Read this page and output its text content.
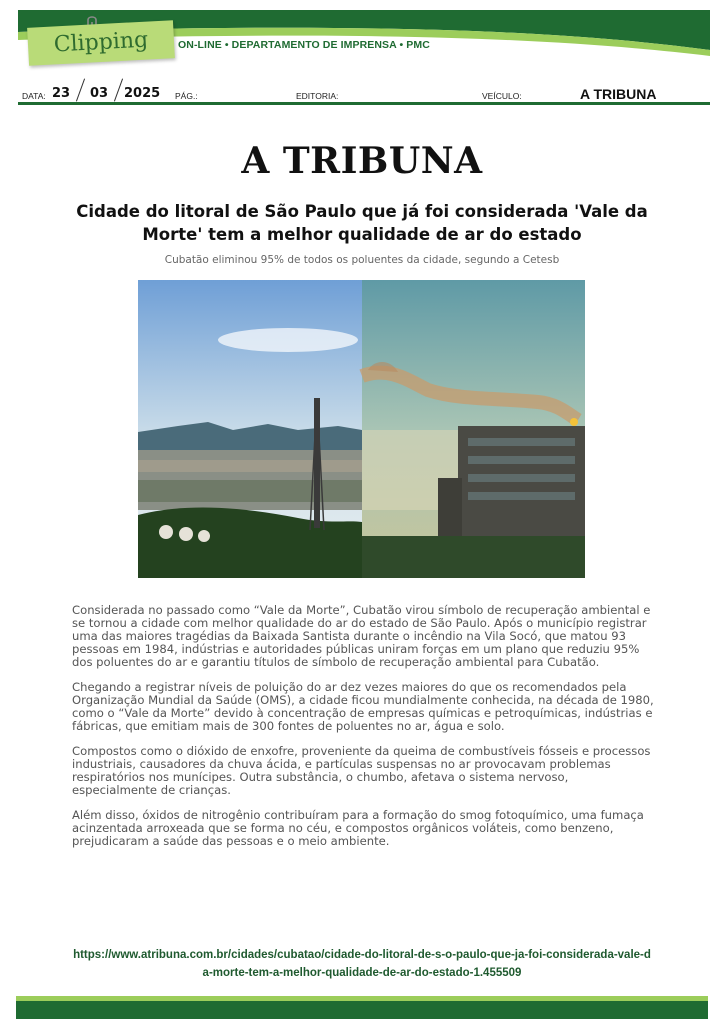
Clipping	ON-LINE • DEPARTAMENTO DE IMPRENSA • PMC
DATA: 23 03 2025 PÁG.:	EDITORIA:	VEÍCULO:	A TRIBUNA
A TRIBUNA
Cidade do litoral de São Paulo que já foi considerada 'Vale da Morte' tem a melhor qualidade de ar do estado
Cubatão eliminou 95% de todos os poluentes da cidade, segundo a Cetesb

Considerada no passado como “Vale da Morte”, Cubatão virou símbolo de recuperação ambiental e se tornou a cidade com melhor qualidade do ar do estado de São Paulo. Após o município registrar uma das maiores tragédias da Baixada Santista durante o incêndio na Vila Socó, que matou 93 pessoas em 1984, indústrias e autoridades públicas uniram forças em um plano que reduziu 95% dos poluentes do ar e garantiu títulos de símbolo de recuperação ambiental para Cubatão.

Chegando a registrar níveis de poluição do ar dez vezes maiores do que os recomendados pela Organização Mundial da Saúde (OMS), a cidade ficou mundialmente conhecida, na década de 1980, como o “Vale da Morte” devido à concentração de empresas químicas e petroquímicas, indústrias e fábricas, que emitiam mais de 300 fontes de poluentes no ar, água e solo.

Compostos como o dióxido de enxofre, proveniente da queima de combustíveis fósseis e processos industriais, causadores da chuva ácida, e partículas suspensas no ar provocavam problemas respiratórios nos munícipes. Outra substância, o chumbo, afetava o sistema nervoso, especialmente de crianças.

Além disso, óxidos de nitrogênio contribuíram para a formação do smog fotoquímico, uma fumaça acinzentada arroxeada que se forma no céu, e compostos orgânicos voláteis, como benzeno, prejudicaram a saúde das pessoas e o meio ambiente.

https://www.atribuna.com.br/cidades/cubatao/cidade-do-litoral-de-s-o-paulo-que-ja-foi-considerada-vale-da-morte-tem-a-melhor-qualidade-de-ar-do-estado-1.455509
